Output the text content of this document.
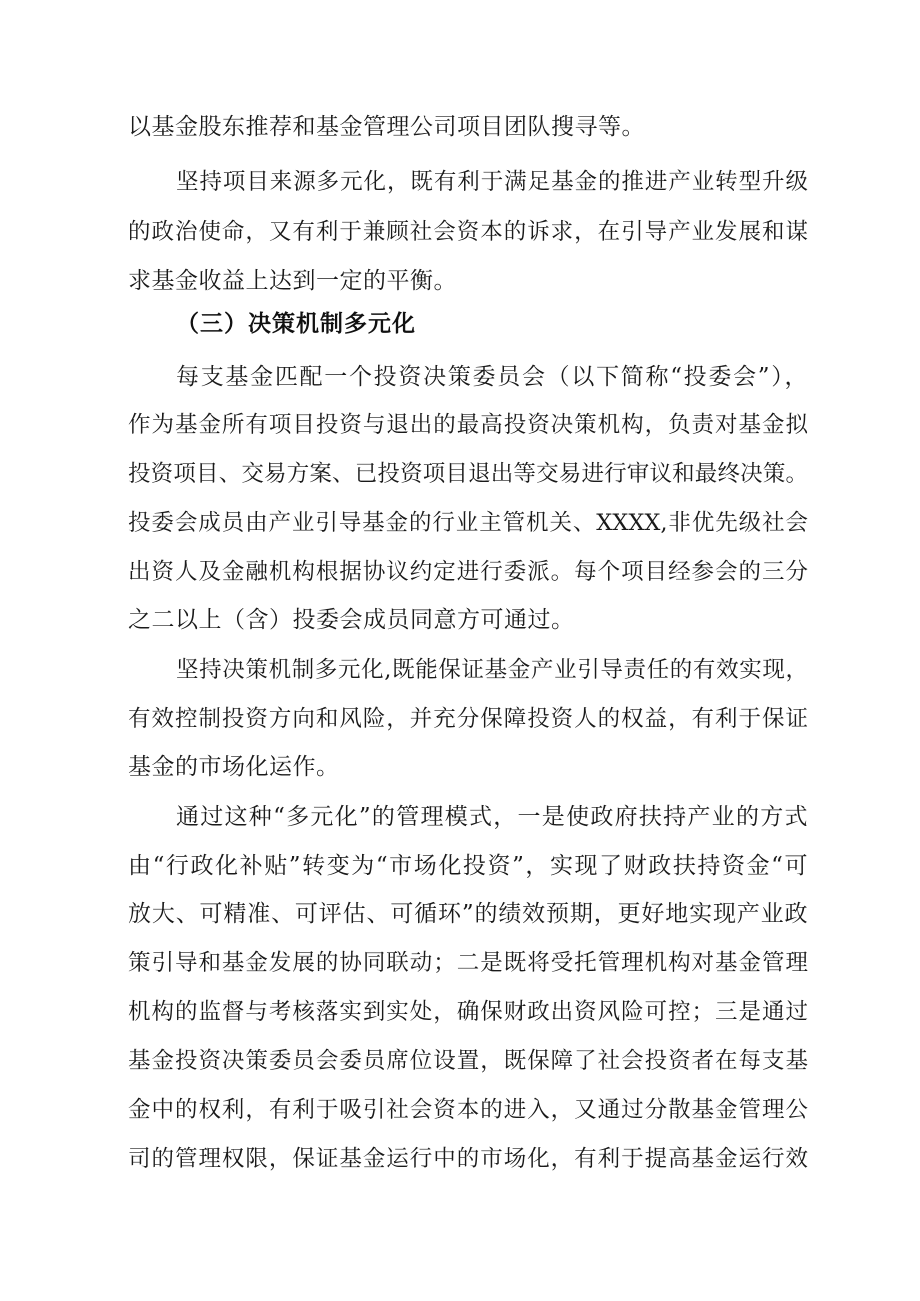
以基金股东推荐和基金管理公司项目团队搜寻等。
坚持项目来源多元化，既有利于满足基金的推进产业转型升级
的政治使命，又有利于兼顾社会资本的诉求，在引导产业发展和谋
求基金收益上达到一定的平衡。
（三）决策机制多元化
每支基金匹配一个投资决策委员会（以下简称“投委会”），
作为基金所有项目投资与退出的最高投资决策机构，负责对基金拟
投资项目、交易方案、已投资项目退出等交易进行审议和最终决策。
投委会成员由产业引导基金的行业主管机关、XXXX,非优先级社会
出资人及金融机构根据协议约定进行委派。每个项目经参会的三分
之二以上（含）投委会成员同意方可通过。
坚持决策机制多元化,既能保证基金产业引导责任的有效实现，
有效控制投资方向和风险，并充分保障投资人的权益，有利于保证
基金的市场化运作。
通过这种“多元化”的管理模式，一是使政府扶持产业的方式
由“行政化补贴”转变为“市场化投资”，实现了财政扶持资金“可
放大、可精准、可评估、可循环”的绩效预期，更好地实现产业政
策引导和基金发展的协同联动；二是既将受托管理机构对基金管理
机构的监督与考核落实到实处，确保财政出资风险可控；三是通过
基金投资决策委员会委员席位设置，既保障了社会投资者在每支基
金中的权利，有利于吸引社会资本的进入，又通过分散基金管理公
司的管理权限，保证基金运行中的市场化，有利于提高基金运行效
